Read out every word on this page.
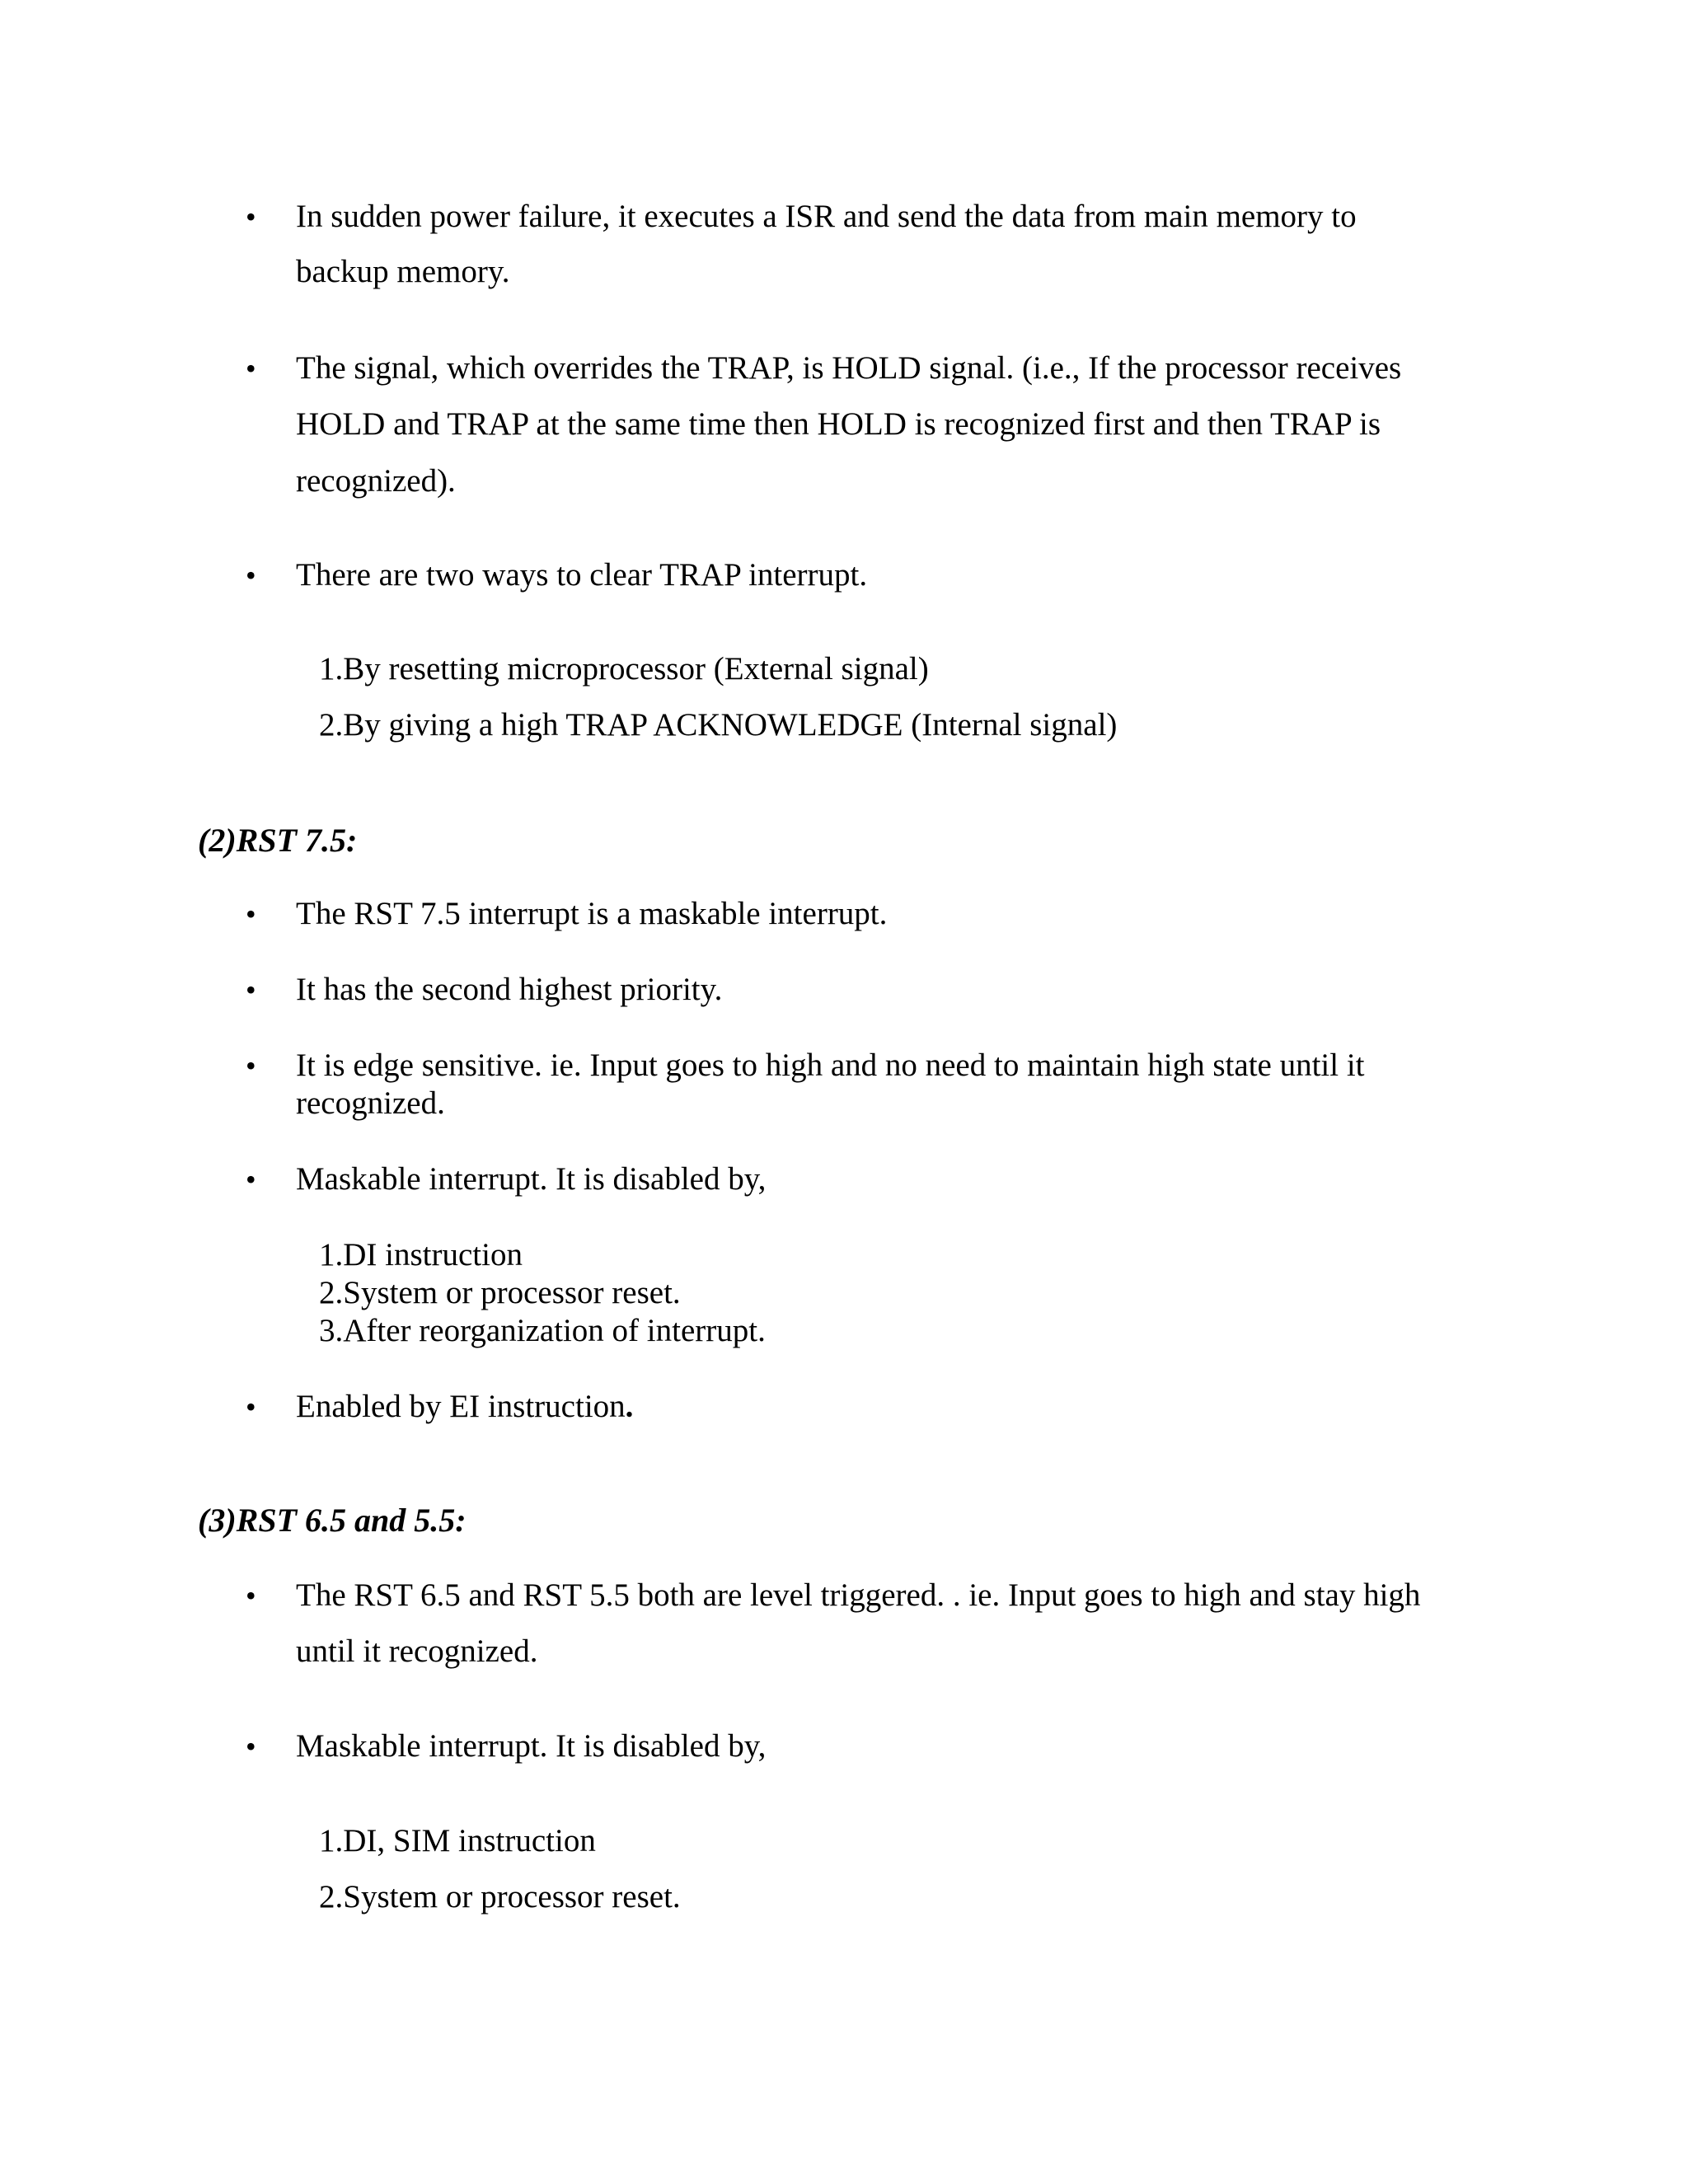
• In sudden power failure, it executes a ISR and send the data from main memory to
backup memory.
• The signal, which overrides the TRAP, is HOLD signal. (i.e., If the processor receives
HOLD and TRAP at the same time then HOLD is recognized first and then TRAP is
recognized).
• There are two ways to clear TRAP interrupt.
1.By resetting microprocessor (External signal)
2.By giving a high TRAP ACKNOWLEDGE (Internal signal)
(2)RST 7.5:
• The RST 7.5 interrupt is a maskable interrupt.
• It has the second highest priority.
• It is edge sensitive. ie. Input goes to high and no need to maintain high state until it
recognized.
• Maskable interrupt. It is disabled by,
1.DI instruction
2.System or processor reset.
3.After reorganization of interrupt.
• Enabled by EI instruction.
(3)RST 6.5 and 5.5:
• The RST 6.5 and RST 5.5 both are level triggered. . ie. Input goes to high and stay high
until it recognized.
• Maskable interrupt. It is disabled by,
1.DI, SIM instruction
2.System or processor reset.
